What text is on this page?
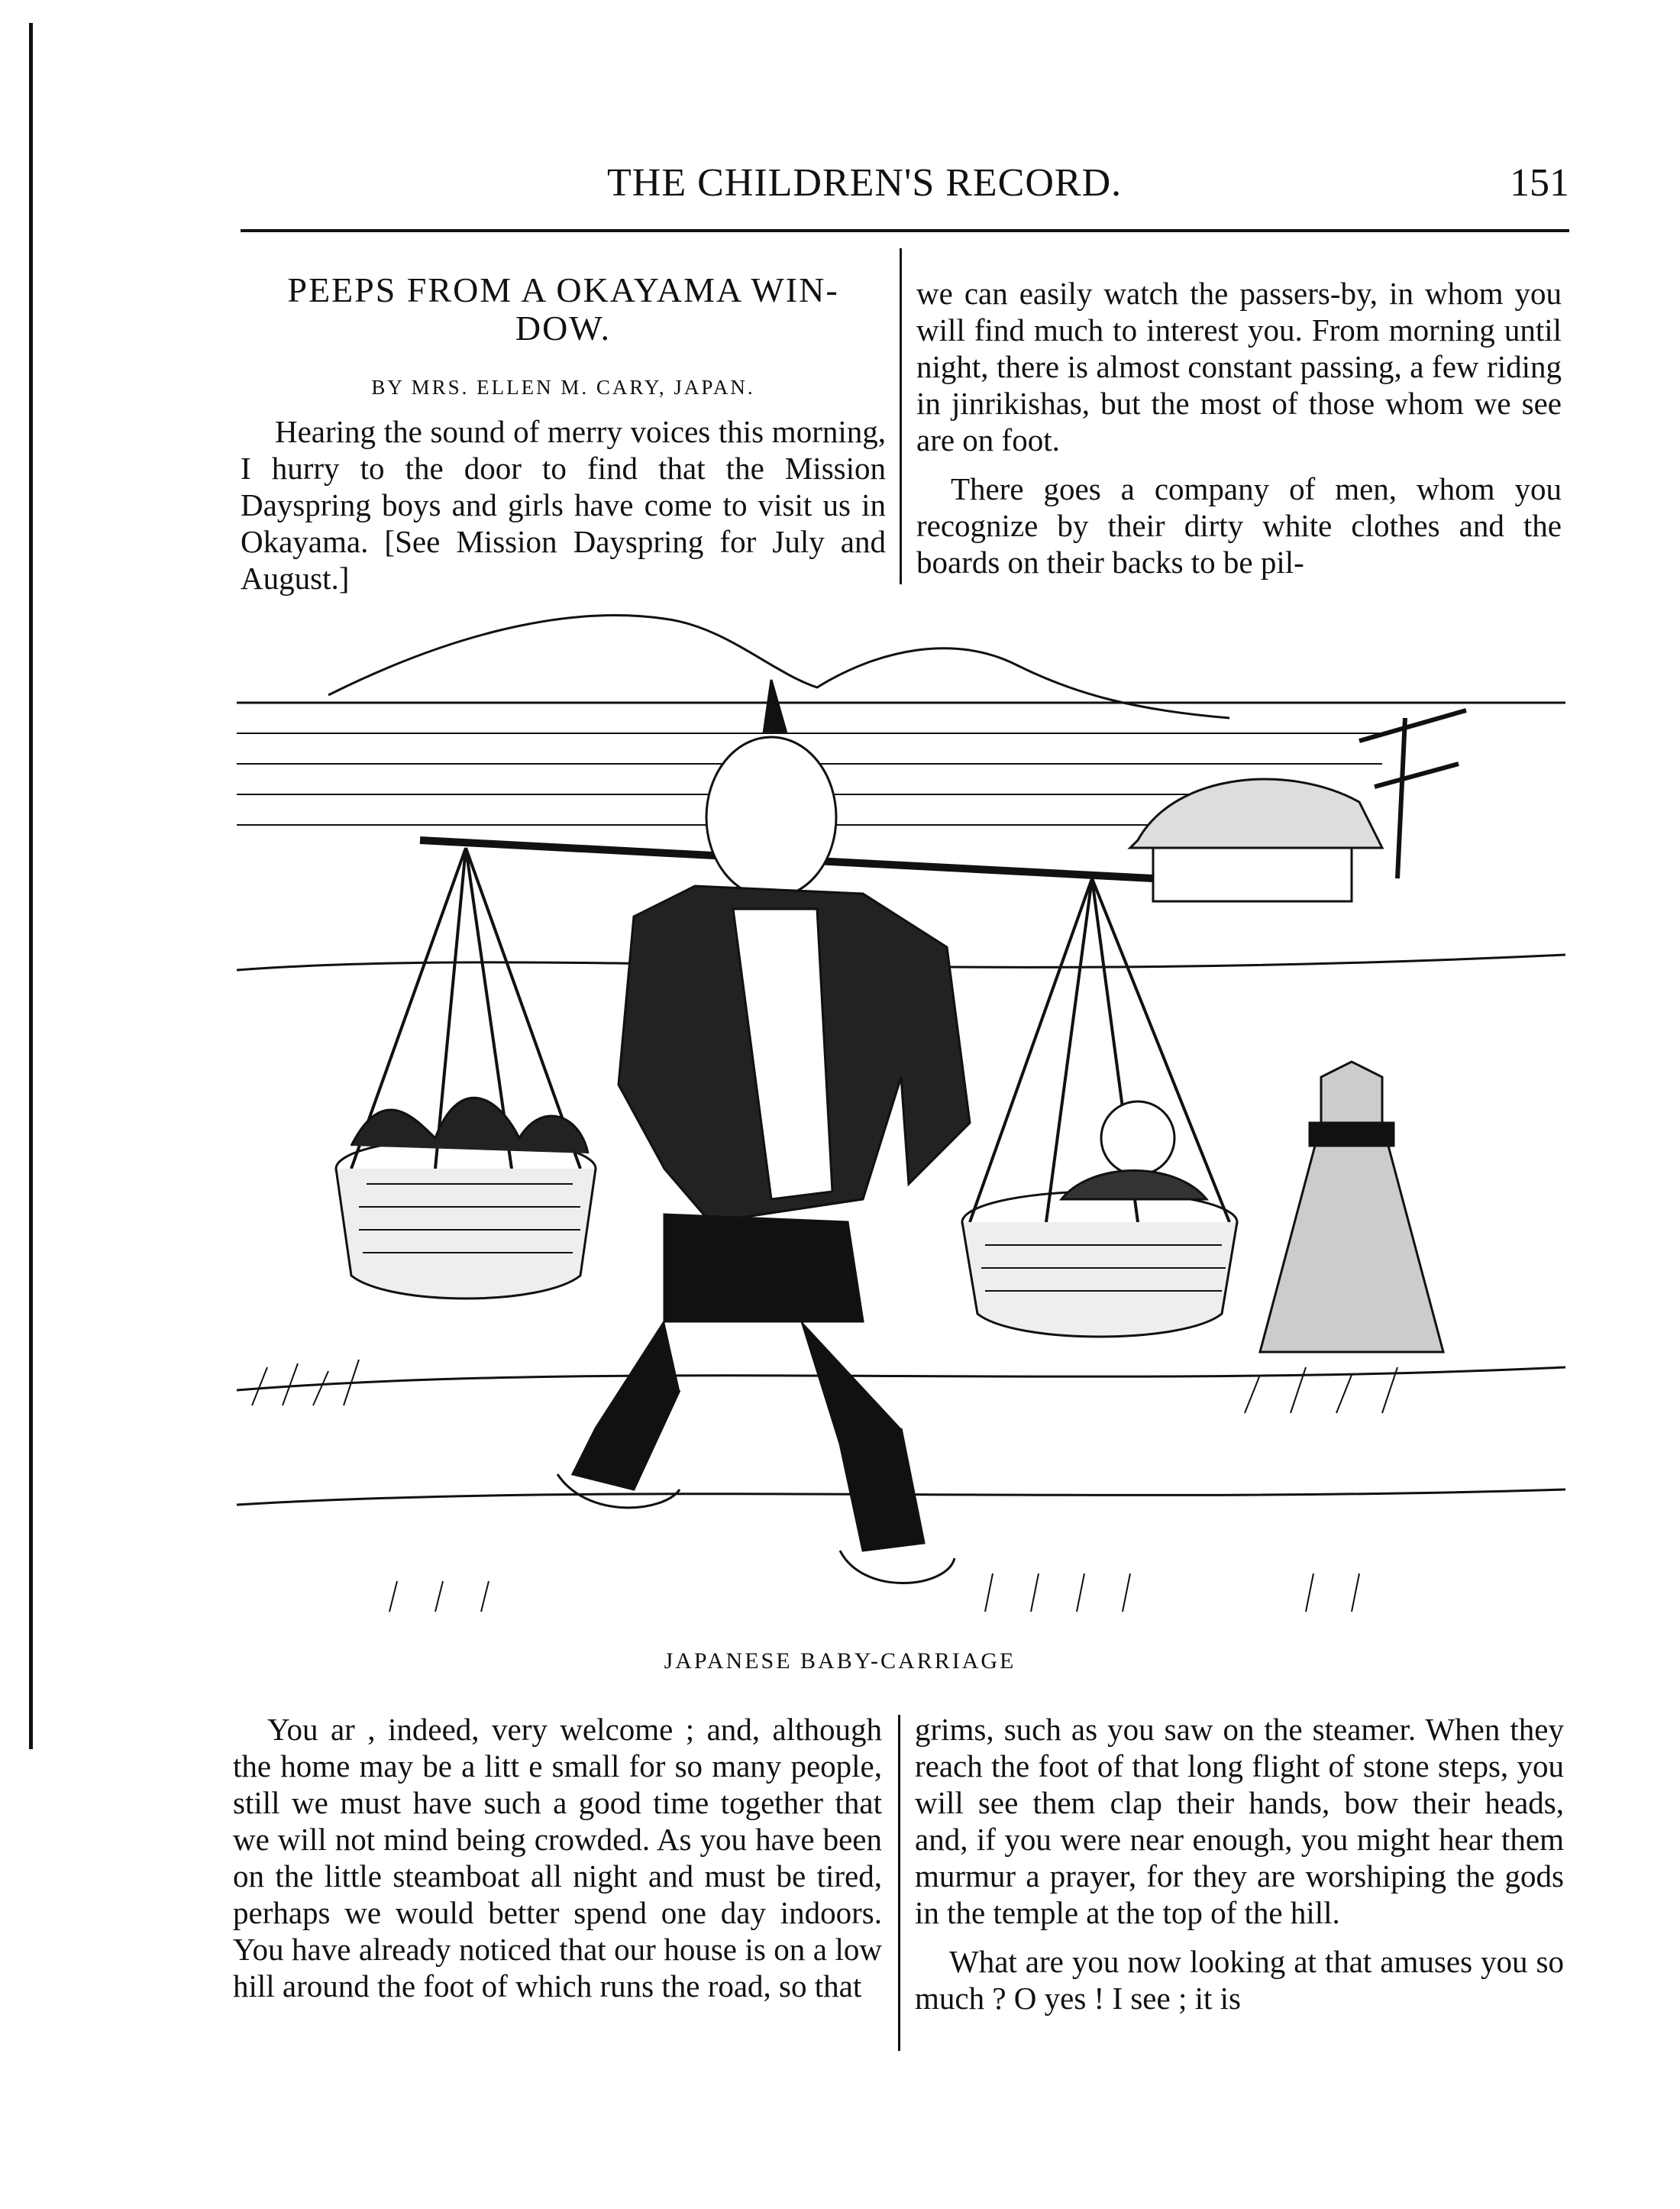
THE CHILDREN'S RECORD.	151
PEEPS FROM A OKAYAMA WIN-DOW.
BY MRS. ELLEN M. CARY, JAPAN.

Hearing the sound of merry voices this morning, I hurry to the door to find that the Mission Dayspring boys and girls have come to visit us in Okayama. [See Mission Dayspring for July and August.]

we can easily watch the passers-by, in whom you will find much to interest you. From morning until night, there is almost constant passing, a few riding in jinrikishas, but the most of those whom we see are on foot.

There goes a company of men, whom you recognize by their dirty white clothes and the boards on their backs to be pil-

JAPANESE BABY-CARRIAGE

You ar , indeed, very welcome ; and, although the home may be a litt e small for so many people, still we must have such a good time together that we will not mind being crowded. As you have been on the little steamboat all night and must be tired, perhaps we would better spend one day indoors. You have already noticed that our house is on a low hill around the foot of which runs the road, so that

grims, such as you saw on the steamer. When they reach the foot of that long flight of stone steps, you will see them clap their hands, bow their heads, and, if you were near enough, you might hear them murmur a prayer, for they are worshiping the gods in the temple at the top of the hill.

What are you now looking at that amuses you so much ? O yes ! I see ; it is
